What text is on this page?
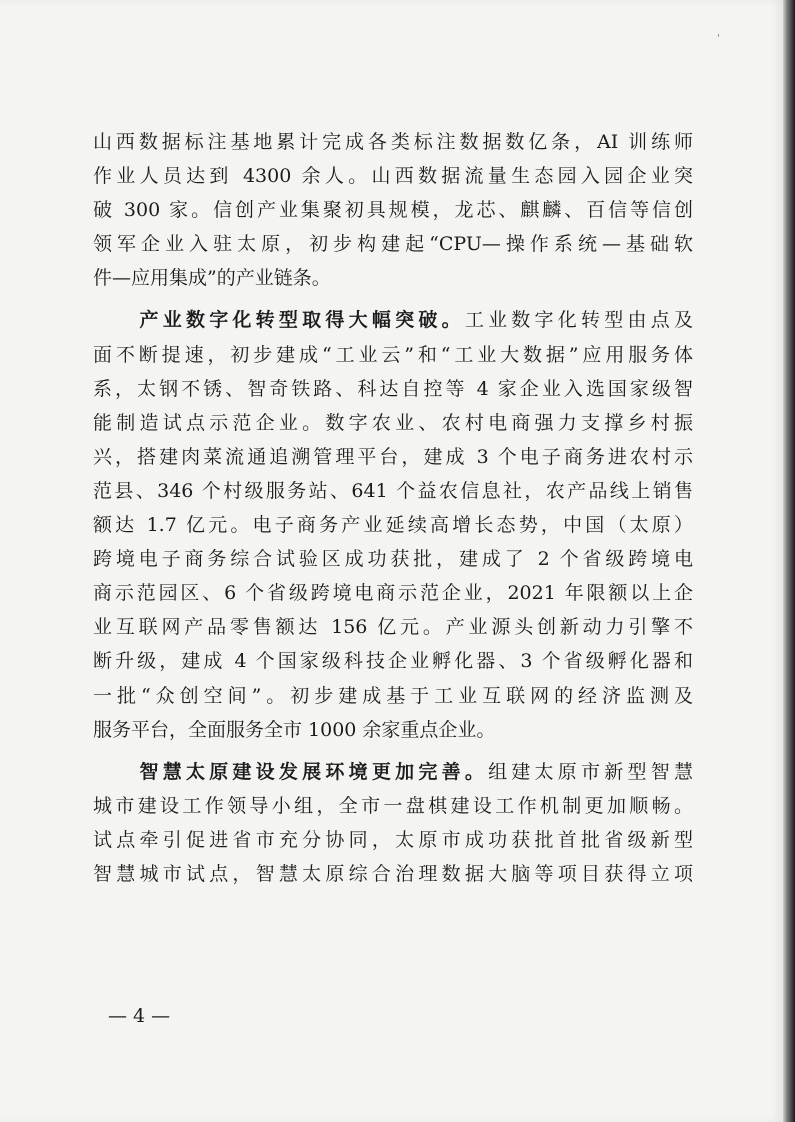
'
山西数据标注基地累计完成各类标注数据数亿条，AI 训练师
作业人员达到 4300 余人。山西数据流量生态园入园企业突
破 300 家。信创产业集聚初具规模，龙芯、麒麟、百信等信创
领军企业入驻太原，初步构建起“CPU—操作系统—基础软
件—应用集成”的产业链条。
　　产业数字化转型取得大幅突破。工业数字化转型由点及
面不断提速，初步建成“工业云”和“工业大数据”应用服务体
系，太钢不锈、智奇铁路、科达自控等 4 家企业入选国家级智
能制造试点示范企业。数字农业、农村电商强力支撑乡村振
兴，搭建肉菜流通追溯管理平台，建成 3 个电子商务进农村示
范县、346 个村级服务站、641 个益农信息社，农产品线上销售
额达 1.7 亿元。电子商务产业延续高增长态势，中国（太原）
跨境电子商务综合试验区成功获批，建成了 2 个省级跨境电
商示范园区、6 个省级跨境电商示范企业，2021 年限额以上企
业互联网产品零售额达 156 亿元。产业源头创新动力引擎不
断升级，建成 4 个国家级科技企业孵化器、3 个省级孵化器和
一批“众创空间”。初步建成基于工业互联网的经济监测及
服务平台，全面服务全市 1000 余家重点企业。
　　智慧太原建设发展环境更加完善。组建太原市新型智慧
城市建设工作领导小组，全市一盘棋建设工作机制更加顺畅。
试点牵引促进省市充分协同，太原市成功获批首批省级新型
智慧城市试点，智慧太原综合治理数据大脑等项目获得立项
— 4 —
